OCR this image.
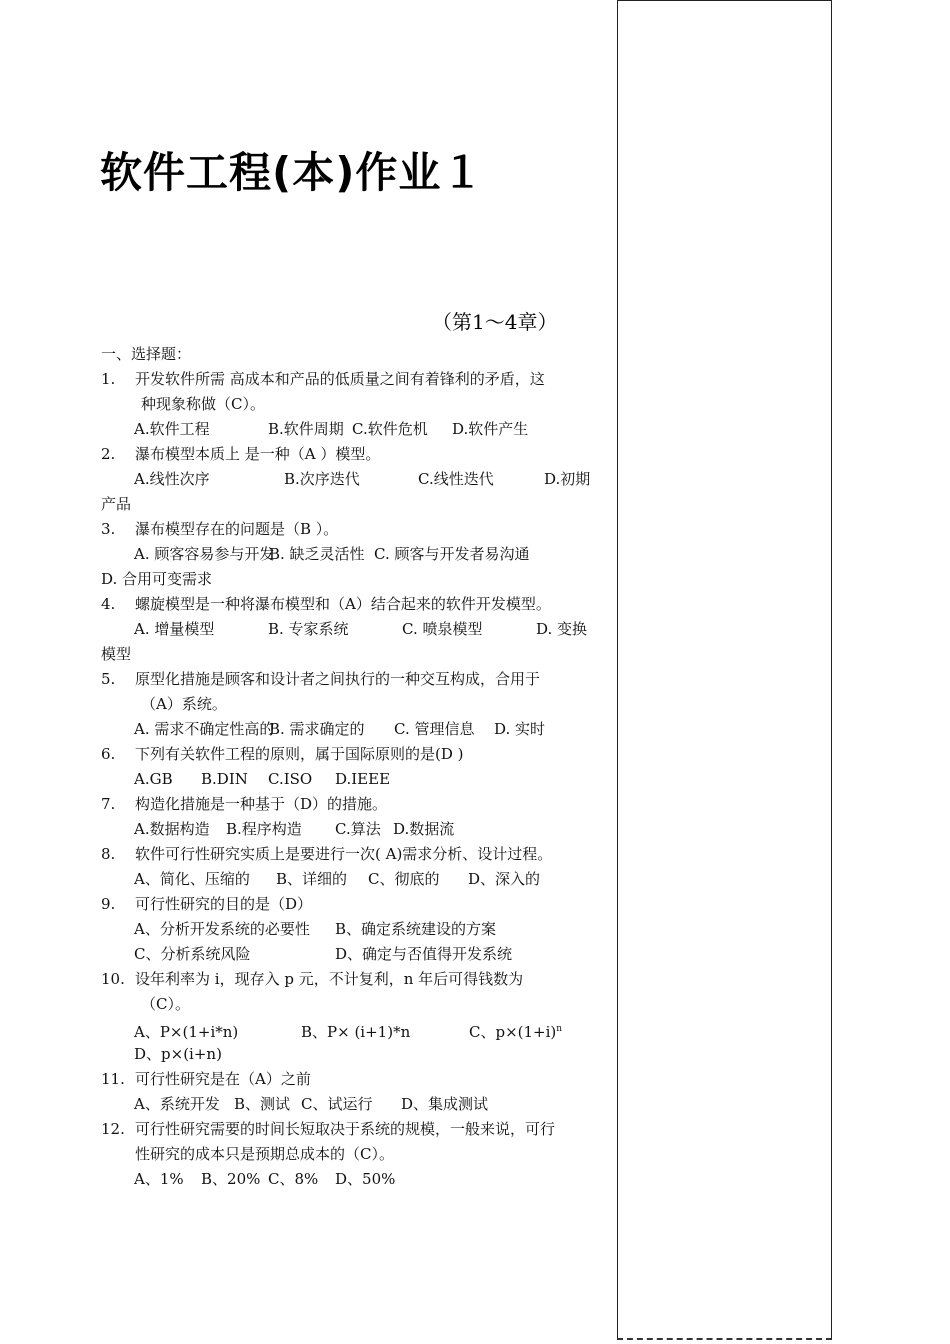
软件工程(本)作业１
（第1～4章）
一、选择题：
1. 开发软件所需 高成本和产品的低质量之间有着锋利的矛盾，这
种现象称做（C）。
A.软件工程	B.软件周期 C.软件危机 D.软件产生
2. 瀑布模型本质上 是一种（A ）模型。
A.线性次序	B.次序迭代	C.线性迭代	D.初期
产品
3. 瀑布模型存在的问题是（B ）。
A. 顾客容易参与开发B. 缺乏灵活性 C. 顾客与开发者易沟通
D. 合用可变需求
4. 螺旋模型是一种将瀑布模型和（A）结合起来的软件开发模型。
A. 增量模型	B. 专家系统	C. 喷泉模型	D. 变换
模型
5. 原型化措施是顾客和设计者之间执行的一种交互构成，合用于
（A）系统。
A. 需求不确定性高的B. 需求确定的 C. 管理信息 D. 实时
6. 下列有关软件工程的原则，属于国际原则的是(D )
A.GB B.DIN C.ISO D.IEEE
7. 构造化措施是一种基于（D）的措施。
A.数据构造 B.程序构造 C.算法 D.数据流
8. 软件可行性研究实质上是要进行一次( A)需求分析、设计过程。
A、简化、压缩的 B、详细的 C、彻底的 D、深入的
9. 可行性研究的目的是（D）
A、分析开发系统的必要性 B、确定系统建设的方案
C、分析系统风险	D、确定与否值得开发系统
10. 设年利率为 i，现存入 p 元，不计复利，n 年后可得钱数为
（C）。
A、P×(1+i*n)	B、P× (i+1)*n	C、$p\times(1+i)^n$
D、p×(i+n)
11. 可行性研究是在（A）之前
A、系统开发 B、测试 C、试运行 D、集成测试
12. 可行性研究需要的时间长短取决于系统的规模，一般来说，可行
性研究的成本只是预期总成本的（C）。
A、1% B、20% C、8% D、50%
